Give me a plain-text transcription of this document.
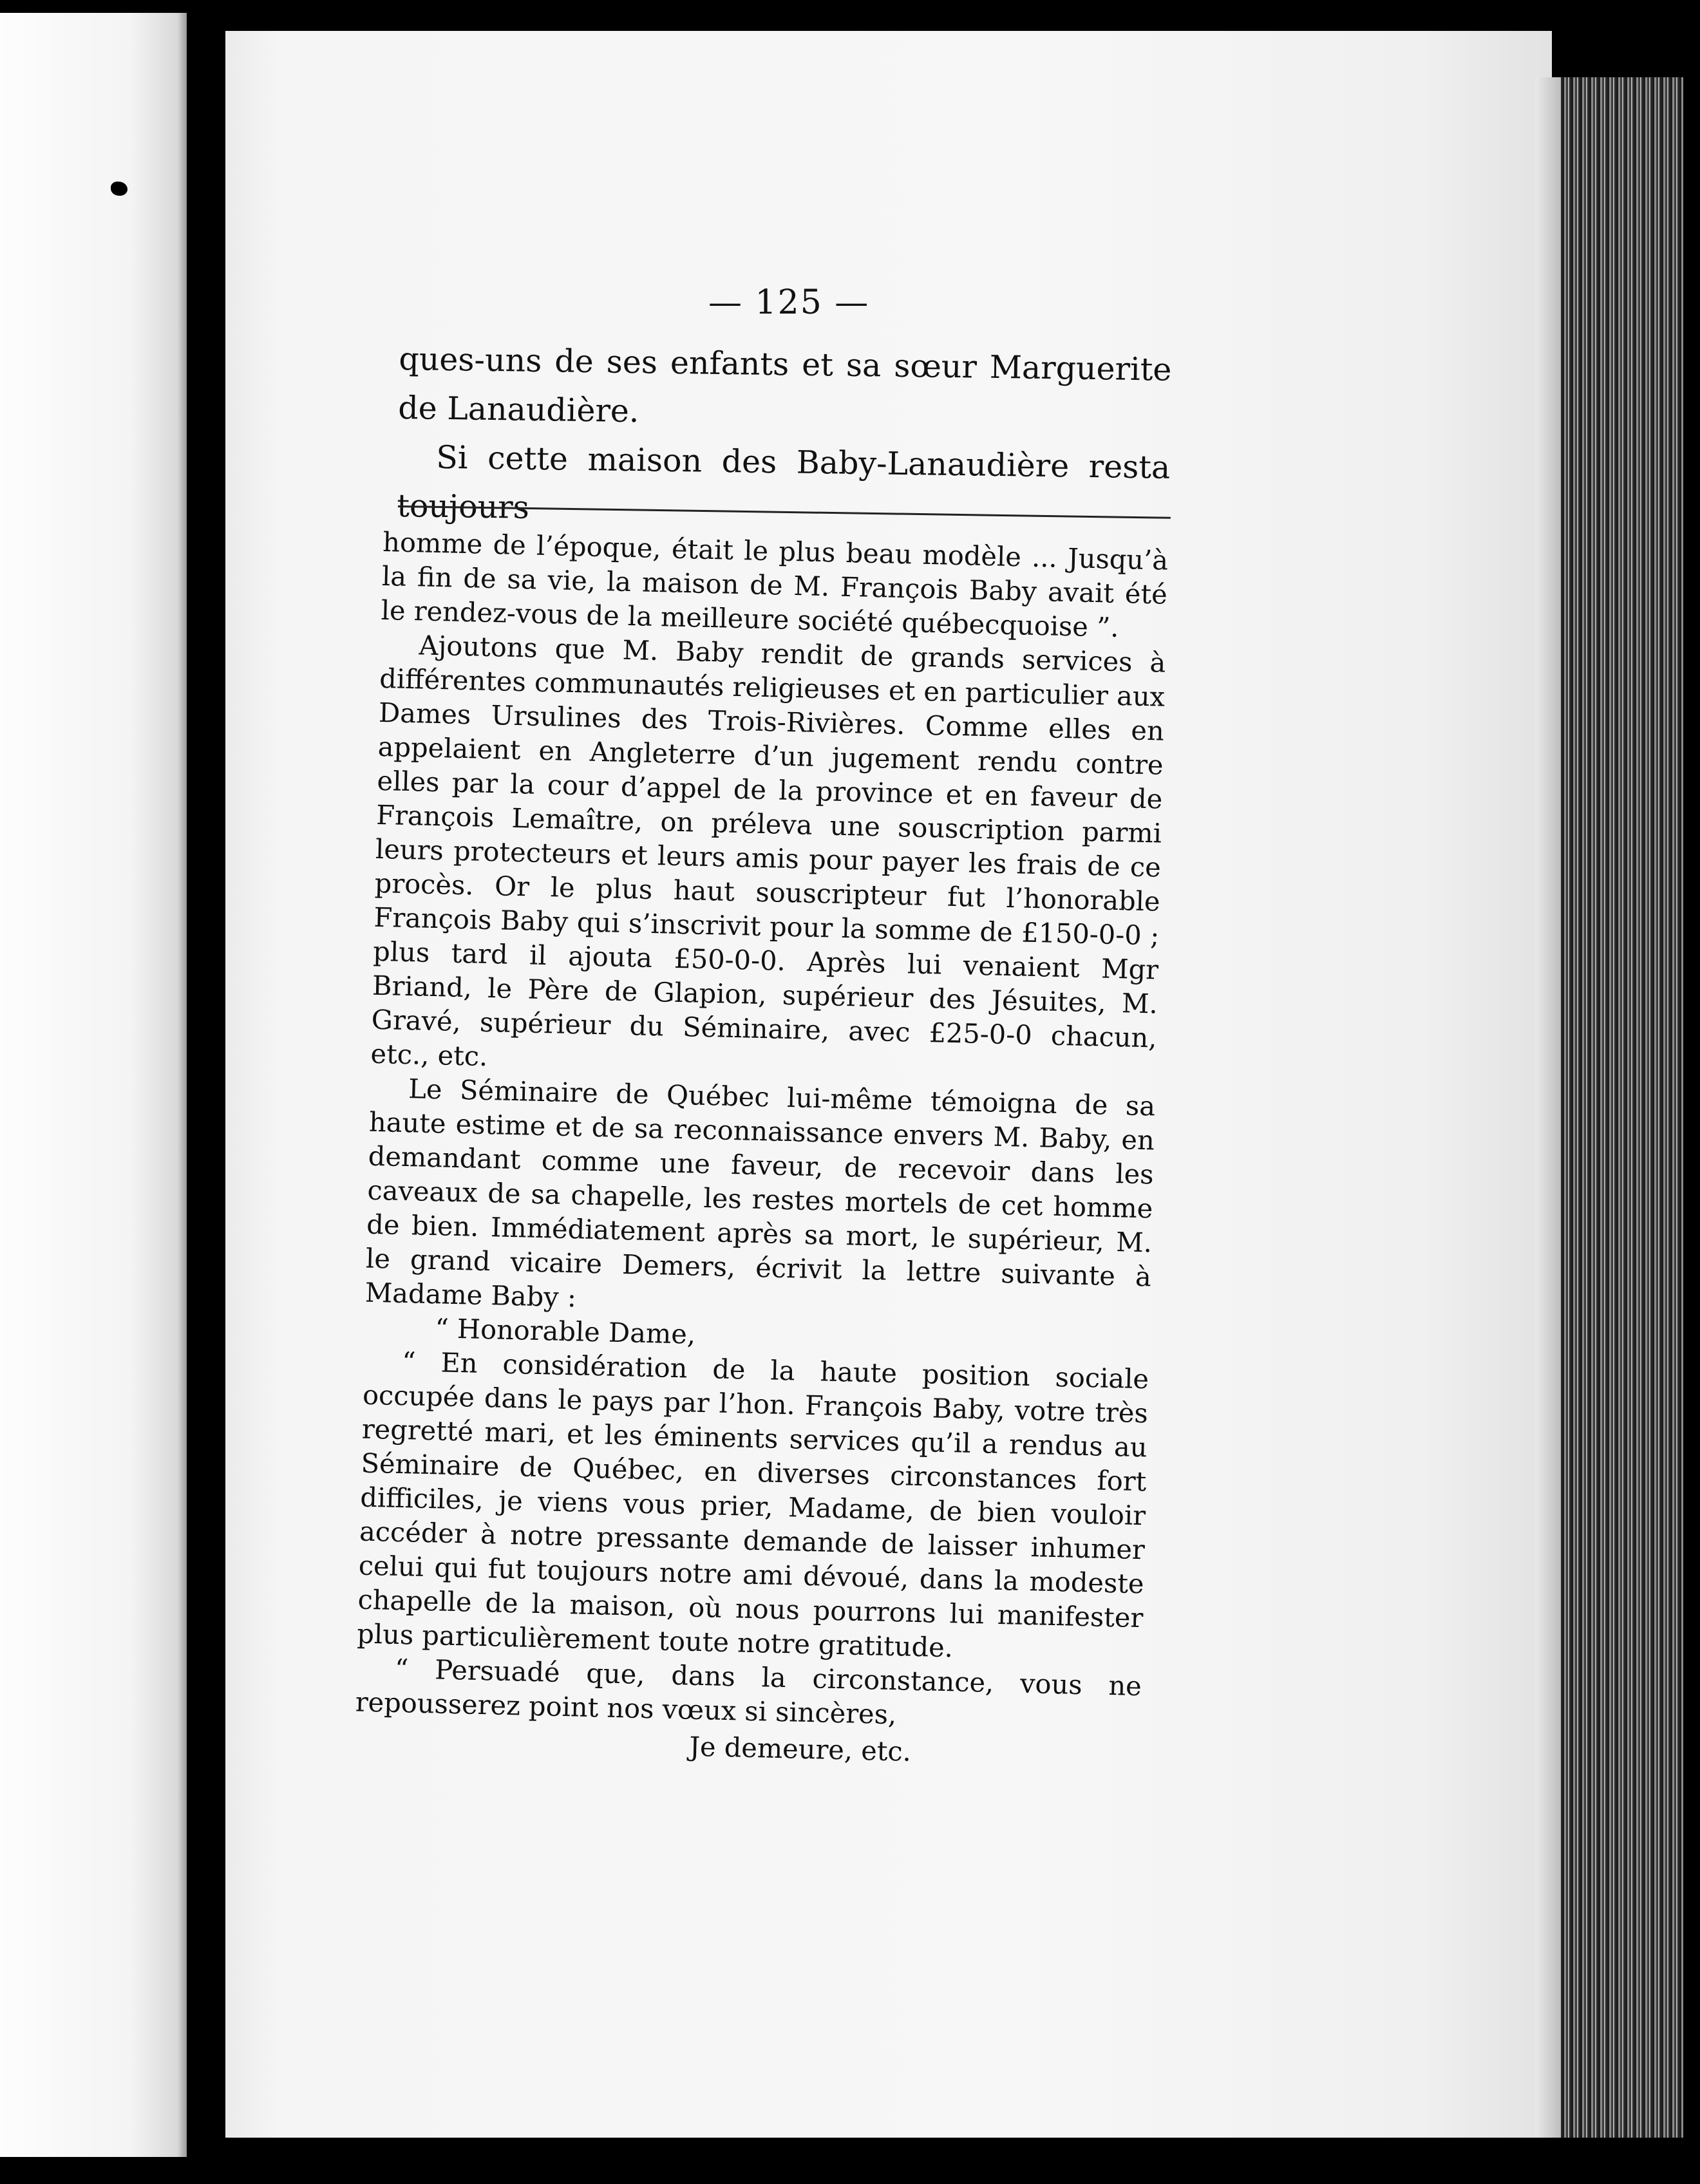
— 125 —

ques-uns de ses enfants et sa sœur Marguerite de Lanaudière.

Si cette maison des Baby-Lanaudière resta toujours

homme de l’époque, était le plus beau modèle ... Jusqu’à la fin de sa vie, la maison de M. François Baby avait été le rendez-vous de la meilleure société québecquoise ”.

Ajoutons que M. Baby rendit de grands services à différentes communautés religieuses et en particulier aux Dames Ursulines des Trois-Rivières. Comme elles en appelaient en Angleterre d’un jugement rendu contre elles par la cour d’appel de la province et en faveur de François Lemaître, on préleva une souscription parmi leurs protecteurs et leurs amis pour payer les frais de ce procès. Or le plus haut souscripteur fut l’honorable François Baby qui s’inscrivit pour la somme de £150-0-0 ; plus tard il ajouta £50-0-0. Après lui venaient Mgr Briand, le Père de Glapion, supérieur des Jésuites, M. Gravé, supérieur du Séminaire, avec £25-0-0 chacun, etc., etc.

Le Séminaire de Québec lui-même témoigna de sa haute estime et de sa reconnaissance envers M. Baby, en demandant comme une faveur, de recevoir dans les caveaux de sa chapelle, les restes mortels de cet homme de bien. Immédiatement après sa mort, le supérieur, M. le grand vicaire Demers, écrivit la lettre suivante à Madame Baby :

“ Honorable Dame,

“ En considération de la haute position sociale occupée dans le pays par l’hon. François Baby, votre très regretté mari, et les éminents services qu’il a rendus au Séminaire de Québec, en diverses circonstances fort difficiles, je viens vous prier, Madame, de bien vouloir accéder à notre pressante demande de laisser inhumer celui qui fut toujours notre ami dévoué, dans la modeste chapelle de la maison, où nous pourrons lui manifester plus particulièrement toute notre gratitude.

“ Persuadé que, dans la circonstance, vous ne repousserez point nos vœux si sincères,

Je demeure, etc.
